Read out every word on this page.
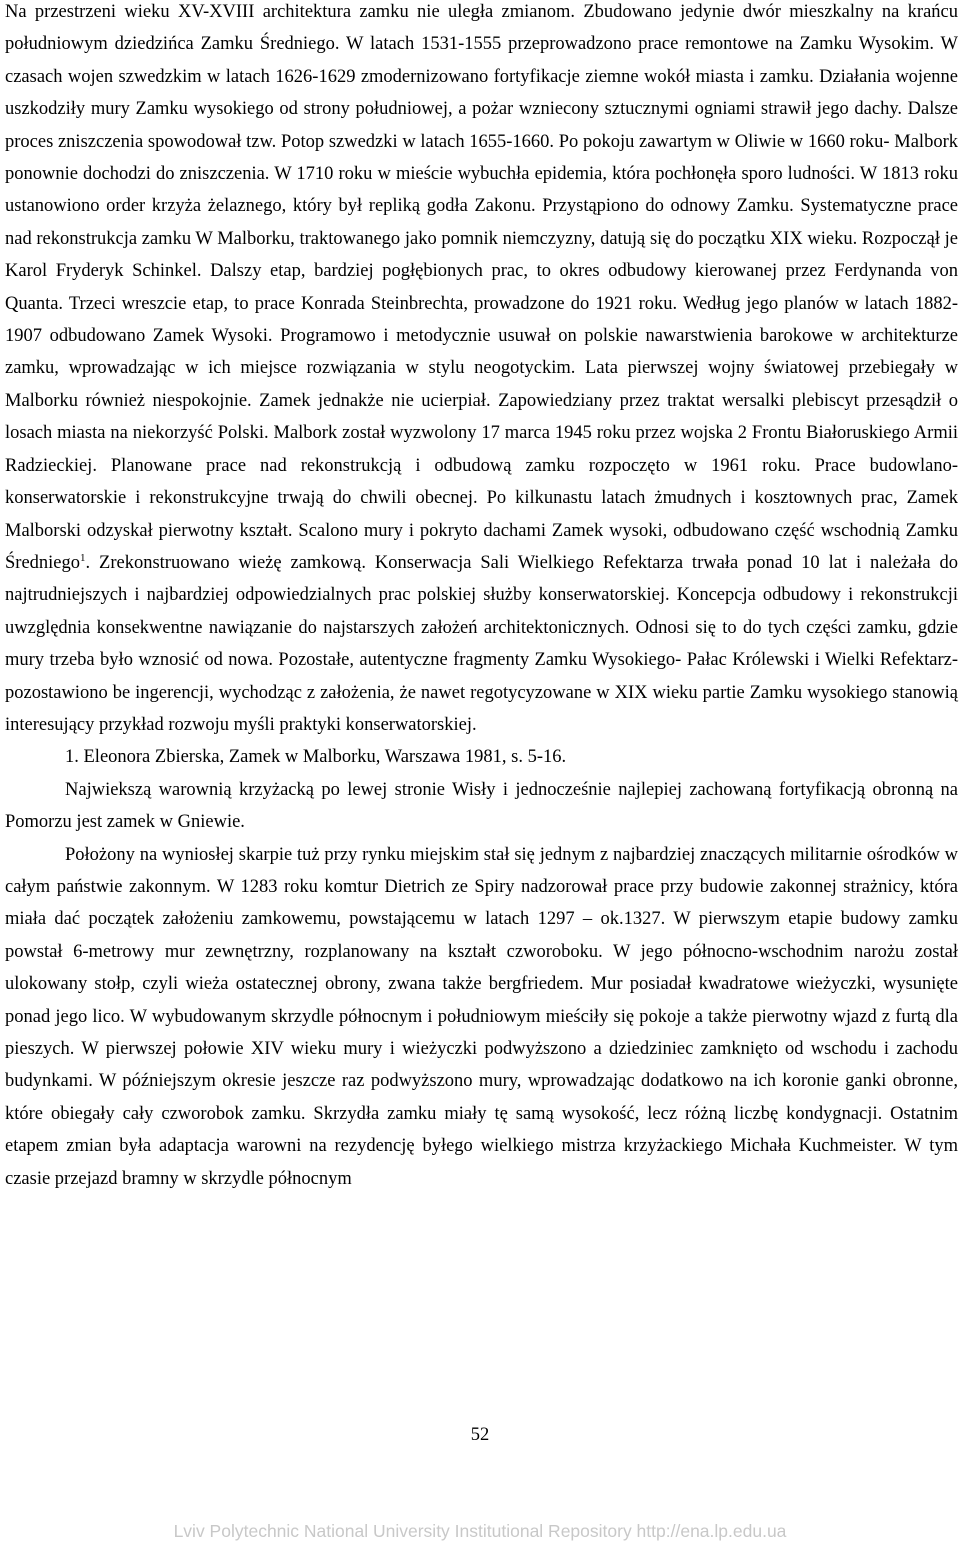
Na przestrzeni wieku XV-XVIII architektura zamku nie uległa zmianom. Zbudowano jedynie dwór mieszkalny na krańcu południowym dziedzińca Zamku Średniego. W latach 1531-1555 przeprowadzono prace remontowe na Zamku Wysokim. W czasach wojen szwedzkim w latach 1626-1629 zmodernizowano fortyfikacje ziemne wokół miasta i zamku. Działania wojenne uszkodziły mury Zamku wysokiego od strony południowej, a pożar wzniecony sztucznymi ogniami strawił jego dachy. Dalsze proces zniszczenia spowodował tzw. Potop szwedzki w latach 1655-1660. Po pokoju zawartym w Oliwie w 1660 roku- Malbork ponownie dochodzi do zniszczenia. W 1710 roku w mieście wybuchła epidemia, która pochłonęła sporo ludności. W 1813 roku ustanowiono order krzyża żelaznego, który był repliką godła Zakonu. Przystąpiono do odnowy Zamku. Systematyczne prace nad rekonstrukcja zamku W Malborku, traktowanego jako pomnik niemczyzny, datują się do początku XIX wieku. Rozpoczął je Karol Fryderyk Schinkel. Dalszy etap, bardziej pogłębionych prac, to okres odbudowy kierowanej przez Ferdynanda von Quanta. Trzeci wreszcie etap, to prace Konrada Steinbrechta, prowadzone do 1921 roku. Według jego planów w latach 1882-1907 odbudowano Zamek Wysoki. Programowo i metodycznie usuwał on polskie nawarstwienia barokowe w architekturze zamku, wprowadzając w ich miejsce rozwiązania w stylu neogotyckim. Lata pierwszej wojny światowej przebiegały w Malborku również niespokojnie. Zamek jednakże nie ucierpiał. Zapowiedziany przez traktat wersalki plebiscyt przesądził o losach miasta na niekorzyść Polski. Malbork został wyzwolony 17 marca 1945 roku przez wojska 2 Frontu Białoruskiego Armii Radzieckiej. Planowane prace nad rekonstrukcją i odbudową zamku rozpoczęto w 1961 roku. Prace budowlano- konserwatorskie i rekonstrukcyjne trwają do chwili obecnej. Po kilkunastu latach żmudnych i kosztownych prac, Zamek Malborski odzyskał pierwotny kształt. Scalono mury i pokryto dachami Zamek wysoki, odbudowano część wschodnią Zamku Średniego$^1$. Zrekonstruowano wieżę zamkową. Konserwacja Sali Wielkiego Refektarza trwała ponad 10 lat i należała do najtrudniejszych i najbardziej odpowiedzialnych prac polskiej służby konserwatorskiej. Koncepcja odbudowy i rekonstrukcji uwzględnia konsekwentne nawiązanie do najstarszych założeń architektonicznych. Odnosi się to do tych części zamku, gdzie mury trzeba było wznosić od nowa. Pozostałe, autentyczne fragmenty Zamku Wysokiego- Pałac Królewski i Wielki Refektarz- pozostawiono be ingerencji, wychodząc z założenia, że nawet regotycyzowane w XIX wieku partie Zamku wysokiego stanowią interesujący przykład rozwoju myśli praktyki konserwatorskiej.

1. Eleonora Zbierska, Zamek w Malborku, Warszawa 1981, s. 5-16.

Najwiekszą warownią krzyżacką po lewej stronie Wisły i jednocześnie najlepiej zachowaną fortyfikacją obronną na Pomorzu jest zamek w Gniewie.

Położony na wyniosłej skarpie tuż przy rynku miejskim stał się jednym z najbardziej znaczących militarnie ośrodków w całym państwie zakonnym. W 1283 roku komtur Dietrich ze Spiry nadzorował prace przy budowie zakonnej strażnicy, która miała dać początek założeniu zamkowemu, powstającemu w latach 1297 – ok.1327. W pierwszym etapie budowy zamku powstał 6-metrowy mur zewnętrzny, rozplanowany na kształt czworoboku. W jego północno-wschodnim narożu został ulokowany stołp, czyli wieża ostatecznej obrony, zwana także bergfriedem. Mur posiadał kwadratowe wieżyczki, wysunięte ponad jego lico. W wybudowanym skrzydle północnym i południowym mieściły się pokoje a także pierwotny wjazd z furtą dla pieszych. W pierwszej połowie XIV wieku mury i wieżyczki podwyższono a dziedziniec zamknięto od wschodu i zachodu budynkami. W późniejszym okresie jeszcze raz podwyższono mury, wprowadzając dodatkowo na ich koronie ganki obronne, które obiegały cały czworobok zamku. Skrzydła zamku miały tę samą wysokość, lecz różną liczbę kondygnacji. Ostatnim etapem zmian była adaptacja warowni na rezydencję byłego wielkiego mistrza krzyżackiego Michała Kuchmeister. W tym czasie przejazd bramny w skrzydle północnym

52
Lviv Polytechnic National University Institutional Repository http://ena.lp.edu.ua
